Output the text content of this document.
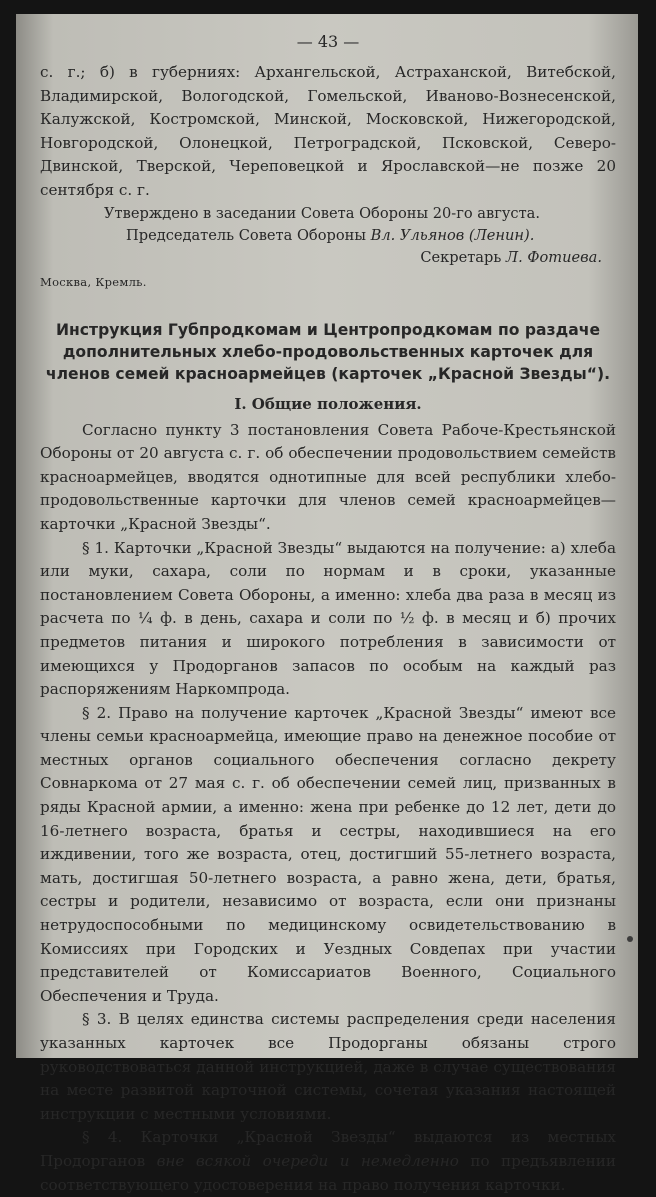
— 43 —

с. г.; б) в губерниях: Архангельской, Астраханской, Витебской, Владимирской, Вологодской, Гомельской, Иваново-Вознесенской, Калужской, Костромской, Минской, Московской, Нижегородской, Новгородской, Олонецкой, Петроградской, Псковской, Северо-Двинской, Тверской, Череповецкой и Ярославской—не позже 20 сентября с. г.

Утверждено в заседании Совета Обороны 20-го августа.

Председатель Совета Обороны Вл. Ульянов (Ленин).

Секретарь Л. Фотиева.

Москва, Кремль.

Инструкция Губпродкомам и Центропродкомам по раздаче дополнительных хлебо-продовольственных карточек для членов семей красноармейцев (карточек „Красной Звезды“).
I. Общие положения.

Согласно пункту 3 постановления Совета Рабоче-Крестьянской Обороны от 20 августа с. г. об обеспечении продовольствием семейств красноармейцев, вводятся однотипные для всей республики хлебо-продовольственные карточки для членов семей красноармейцев—карточки „Красной Звезды“.

§ 1. Карточки „Красной Звезды“ выдаются на получение: а) хлеба или муки, сахара, соли по нормам и в сроки, указанные постановлением Совета Обороны, а именно: хлеба два раза в месяц из расчета по ¼ ф. в день, сахара и соли по ½ ф. в месяц и б) прочих предметов питания и широкого потребления в зависимости от имеющихся у Продорганов запасов по особым на каждый раз распоряжениям Наркомпрода.

§ 2. Право на получение карточек „Красной Звезды“ имеют все члены семьи красноармейца, имеющие право на денежное пособие от местных органов социального обеспечения согласно декрету Совнаркома от 27 мая с. г. об обеспечении семей лиц, призванных в ряды Красной армии, а именно: жена при ребенке до 12 лет, дети до 16-летнего возраста, братья и сестры, находившиеся на его иждивении, того же возраста, отец, достигший 55-летнего возраста, мать, достигшая 50-летнего возраста, а равно жена, дети, братья, сестры и родители, независимо от возраста, если они признаны нетрудоспособными по медицинскому освидетельствованию в Комиссиях при Городских и Уездных Совдепах при участии представителей от Комиссариатов Военного, Социального Обеспечения и Труда.

§ 3. В целях единства системы распределения среди населения указанных карточек все Продорганы обязаны строго руководствоваться данной инструкцией, даже в случае существования на месте развитой карточной системы, сочетая указания настоящей инструкции с местными условиями.

§ 4. Карточки „Красной Звезды“ выдаются из местных Продорганов вне всякой очереди и немедленно по предъявлении соответствующего удостоверения на право получения карточки.
